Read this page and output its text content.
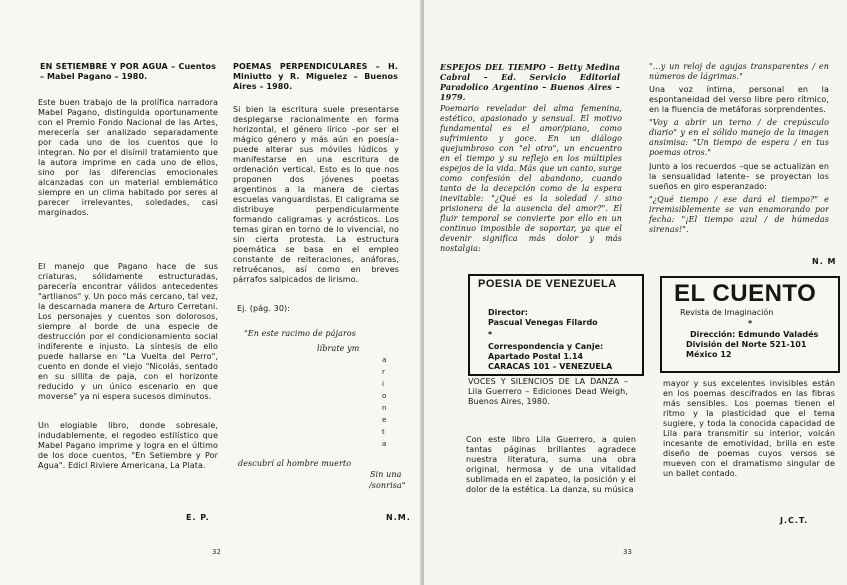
EN SETIEMBRE Y POR AGUA – Cuentos – Mabel Pagano – 1980.
Este buen trabajo de la prolífica narradora Mabel Pagano, distinguida oportunamente con el Premio Fondo Nacional de las Artes, merecería ser analizado separadamente por cada uno de los cuentos que lo integran. No por el disímil tratamiento que la autora imprime en cada uno de ellos, sino por las diferencias emocionales alcanzadas con un material emblemático siempre en un clima habitado por seres al parecer irrelevantes, soledades, casi marginados.
El manejo que Pagano hace de sus criaturas, sólidamente estructuradas, parecería encontrar válidos antecedentes "artlianos" y. Un poco más cercano, tal vez, la descarnada manera de Arturo Cerretani. Los personajes y cuentos son dolorosos, siempre al borde de una especie de destrucción por el condicionamiento social indiferente e injusto. La síntesis de ello puede hallarse en "La Vuelta del Perro", cuento en donde el viejo "Nicolás, sentado en su sillita de paja, con el horizonte reducido y un único escenario en que moverse" ya ni espera sucesos diminutos.
Un elogiable libro, donde sobresale, indudablemente, el regodeo estilístico que Mabel Pagano imprime y logra en el último de los doce cuentos, "En Setiembre y Por Agua". Edicl Riviere Americana, La Plata.
E. P.
POEMAS PERPENDICULARES – H. Miniutto y R. Miguelez – Buenos Aires – 1980.
Si bien la escritura suele presentarse desplegarse racionalmente en forma horizontal, el género lírico –por ser el mágico género y más aún en poesía– puede alterar sus móviles lúdicos y manifestarse en una escritura de ordenación vertical. Esto es lo que nos proponen dos jóvenes poetas argentinos a la manera de ciertas escuelas vanguardistas. El caligrama se distribuye perpendicularmente formando caligramas y acrósticos. Los temas giran en torno de lo vivencial, no sin cierta protesta. La estructura poemática se basa en el empleo constante de reiteraciones, anáforas, retruécanos, así como en breves párrafos salpicados de lirismo.
Ej. (pág. 30):
"En este racimo de pájaros
líbrate ym
a
r
i
o
n
e
t
a
descubrí al hombre muerto
Sin una
/sonrisa"
N.M.
32
ESPEJOS DEL TIEMPO – Betty Medina Cabral – Ed. Servicio Editorial Paradolico Argentino – Buenos Aires – 1979.
Poemario revelador del alma femenina, estético, apasionado y sensual. El motivo fundamental es el amor/piano, como sufrimiento y goce. En un diálogo quejumbroso con "el otro", un encuentro en el tiempo y su reflejo en los múltiples espejos de la vida. Más que un canto, surge como confesión del abandono, cuando tanto de la decepción como de la espera inevitable: "¿Qué es la soledad / sino prisionera de la ausencia del amor?". El fluir temporal se convierte por ello en un continuo imposible de soportar, ya que el devenir significa más dolor y más nostalgia:
"...y un reloj de agujas transparentes / en números de lágrimas."
Una voz íntima, personal en la espontaneidad del verso libre pero rítmico, en la fluencia de metáforas sorprendentes.
"Voy a abrir un terno / de crepúsculo diario" y en el sólido manejo de la imagen ansimisa: "Un tiempo de espera / en tus poemas otros."
Junto a los recuerdos –que se actualizan en la sensualidad latente– se proyectan los sueños en giro esperanzado:
"¿Qué tiempo / ese dará el tiempo?" e irremisiblemente se van enamorando por fecha: "¡El tiempo azul / de húmedas sirenas!".
N. M
POESIA DE VENEZUELA
Director:
Pascual Venegas Filardo
*
Correspondencia y Canje:
Apartado Postal 1.14
CARACAS 101 – VENEZUELA
EL CUENTO
Revista de Imaginación
*
Dirección: Edmundo Valadés
División del Norte 521-101
México 12
VOCES Y SILENCIOS DE LA DANZA – Lila Guerrero – Ediciones Dead Weigh, Buenos Aires, 1980.
Con este libro Lila Guerrero, a quien tantas páginas brillantes agradece nuestra literatura, suma una obra original, hermosa y de una vitalidad sublimada en el zapateo, la posición y el dolor de la estética. La danza, su música
mayor y sus excelentes invisibles están en los poemas descifrados en las fibras más sensibles. Los poemas tienen el ritmo y la plasticidad que el tema sugiere, y toda la conocida capacidad de Lila para transmitir su interior, volcán incesante de emotividad, brilla en este diseño de poemas cuyos versos se mueven con el dramatismo singular de un ballet contado.
J.C.T.
33
